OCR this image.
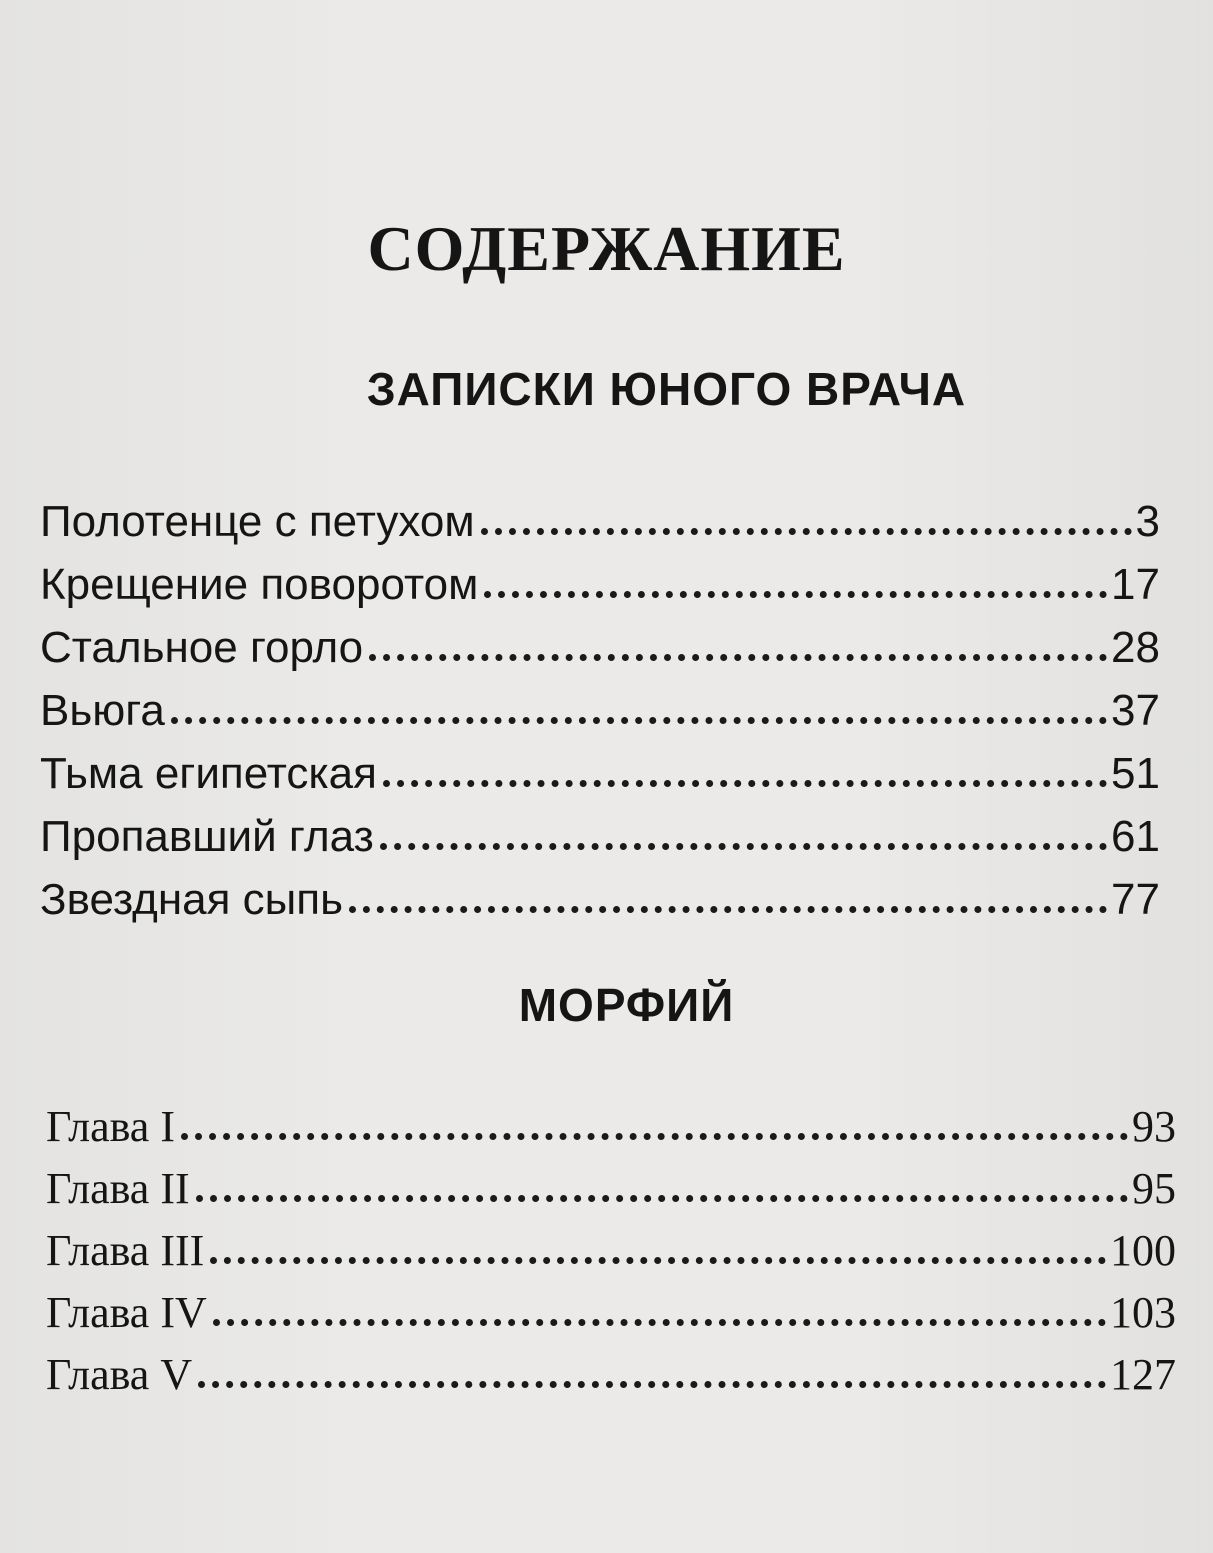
СОДЕРЖАНИЕ
ЗАПИСКИ ЮНОГО ВРАЧА
Полотенце с петухом	3
Крещение поворотом	17
Стальное горло	28
Вьюга	37
Тьма египетская	51
Пропавший глаз	61
Звездная сыпь	77
МОРФИЙ
Глава I	93
Глава II	95
Глава III	100
Глава IV	103
Глава V	127
